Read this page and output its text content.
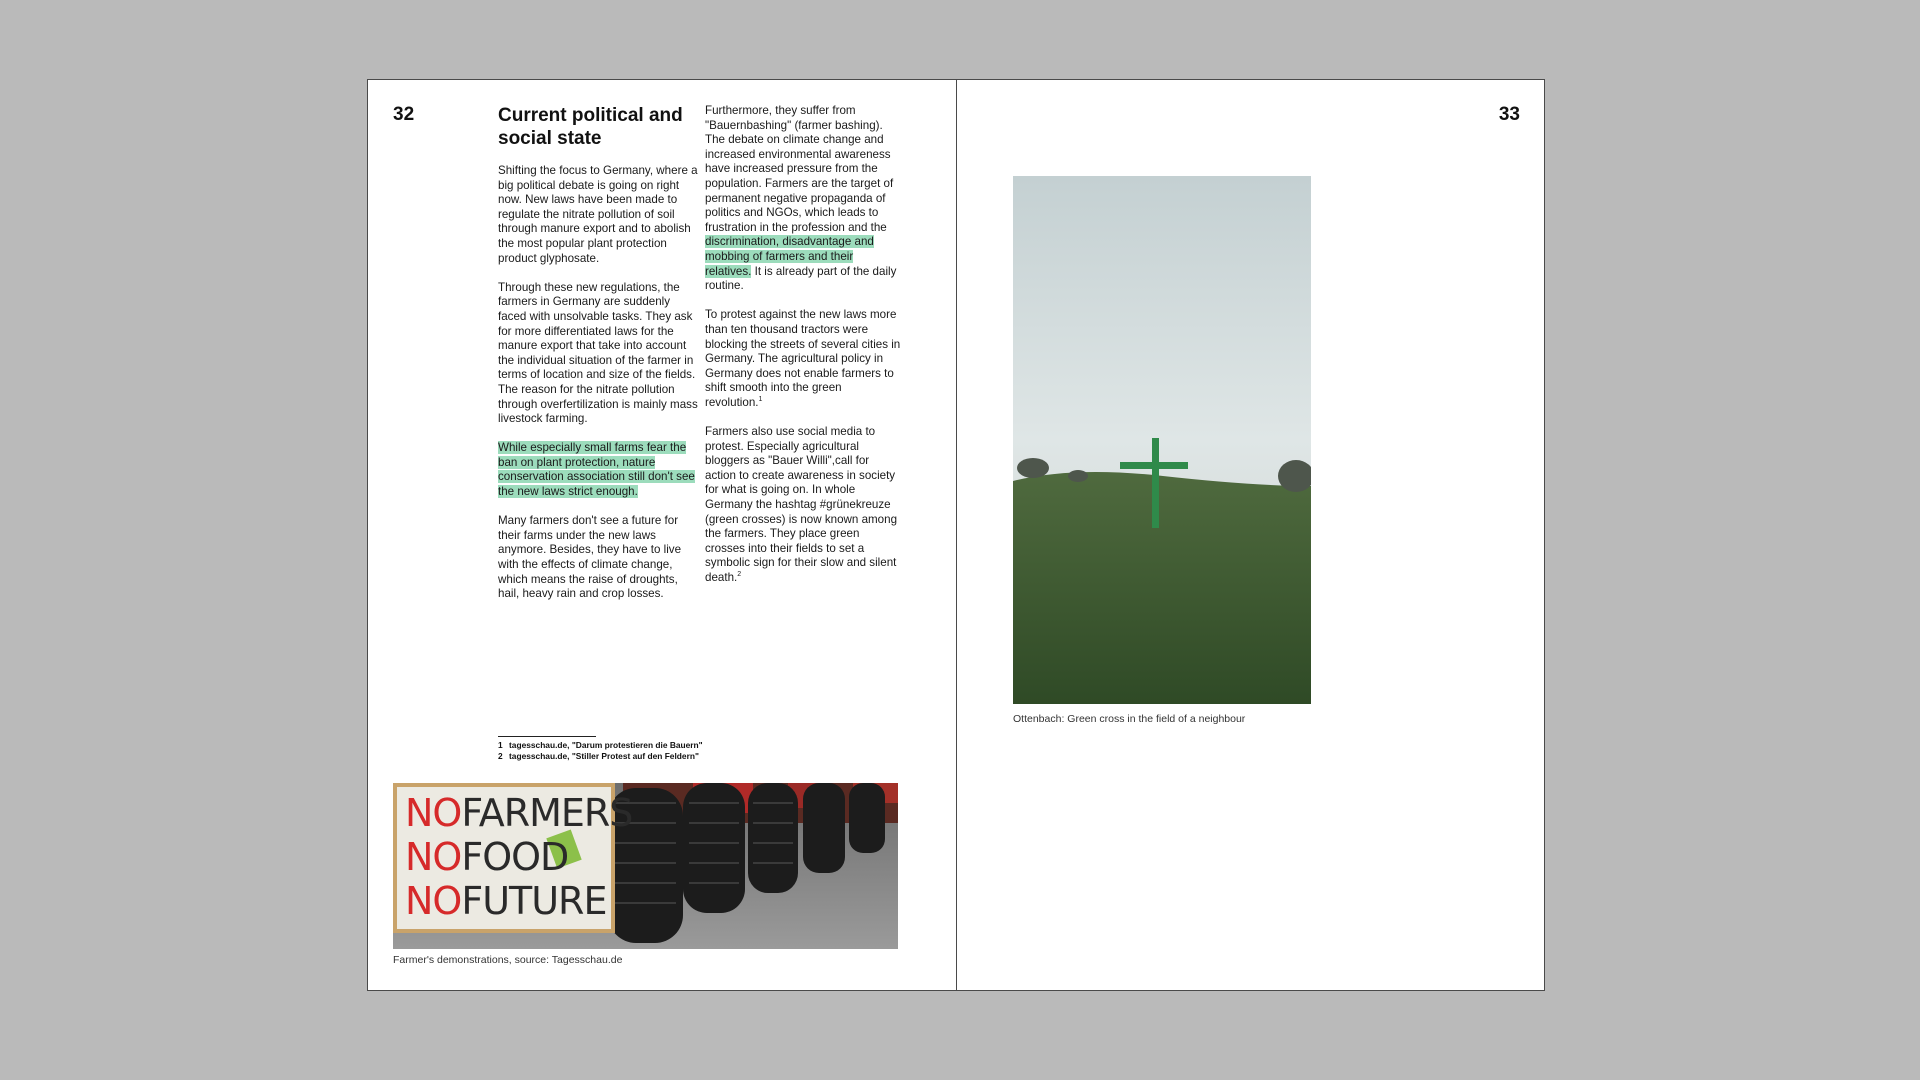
32	Current political and social state

Shifting the focus to Germany, where a big political debate is going on right now. New laws have been made to regulate the nitrate pollution of soil through manure export and to abolish the most popular plant protection product glyphosate.

Through these new regulations, the farmers in Germany are suddenly faced with unsolvable tasks. They ask for more differentiated laws for the manure export that take into account the individual situation of the farmer in terms of location and size of the fields. The reason for the nitrate pollution through overfertilization is mainly mass livestock farming.

While especially small farms fear the ban on plant protection, nature conservation association still don't see the new laws strict enough.

Many farmers don't see a future for their farms under the new laws anymore. Besides, they have to live with the effects of climate change, which means the raise of droughts, hail, heavy rain and crop losses.

Furthermore, they suffer from "Bauernbashing" (farmer bashing). The debate on climate change and increased environmental awareness have increased pressure from the population. Farmers are the target of permanent negative propaganda of politics and NGOs, which leads to frustration in the profession and the discrimination, disadvantage and mobbing of farmers and their relatives. It is already part of the daily routine.

To protest against the new laws more than ten thousand tractors were blocking the streets of several cities in Germany. The agricultural policy in Germany does not enable farmers to shift smooth into the green revolution.$^1$

Farmers also use social media to protest. Especially agricultural bloggers as "Bauer Willi",call for action to create awareness in society for what is going on. In whole Germany the hashtag #grünekreuze (green crosses) is now known among the farmers. They place green crosses into their fields to set a symbolic sign for their slow and silent death.$^2$

1 tagesschau.de, "Darum protestieren die Bauern"
2 tagesschau.de, "Stiller Protest auf den Feldern"
NOFARMERS
NOFOOD
NOFUTURE
Farmer's demonstrations, source: Tagesschau.de
33
Ottenbach: Green cross in the field of a neighbour
